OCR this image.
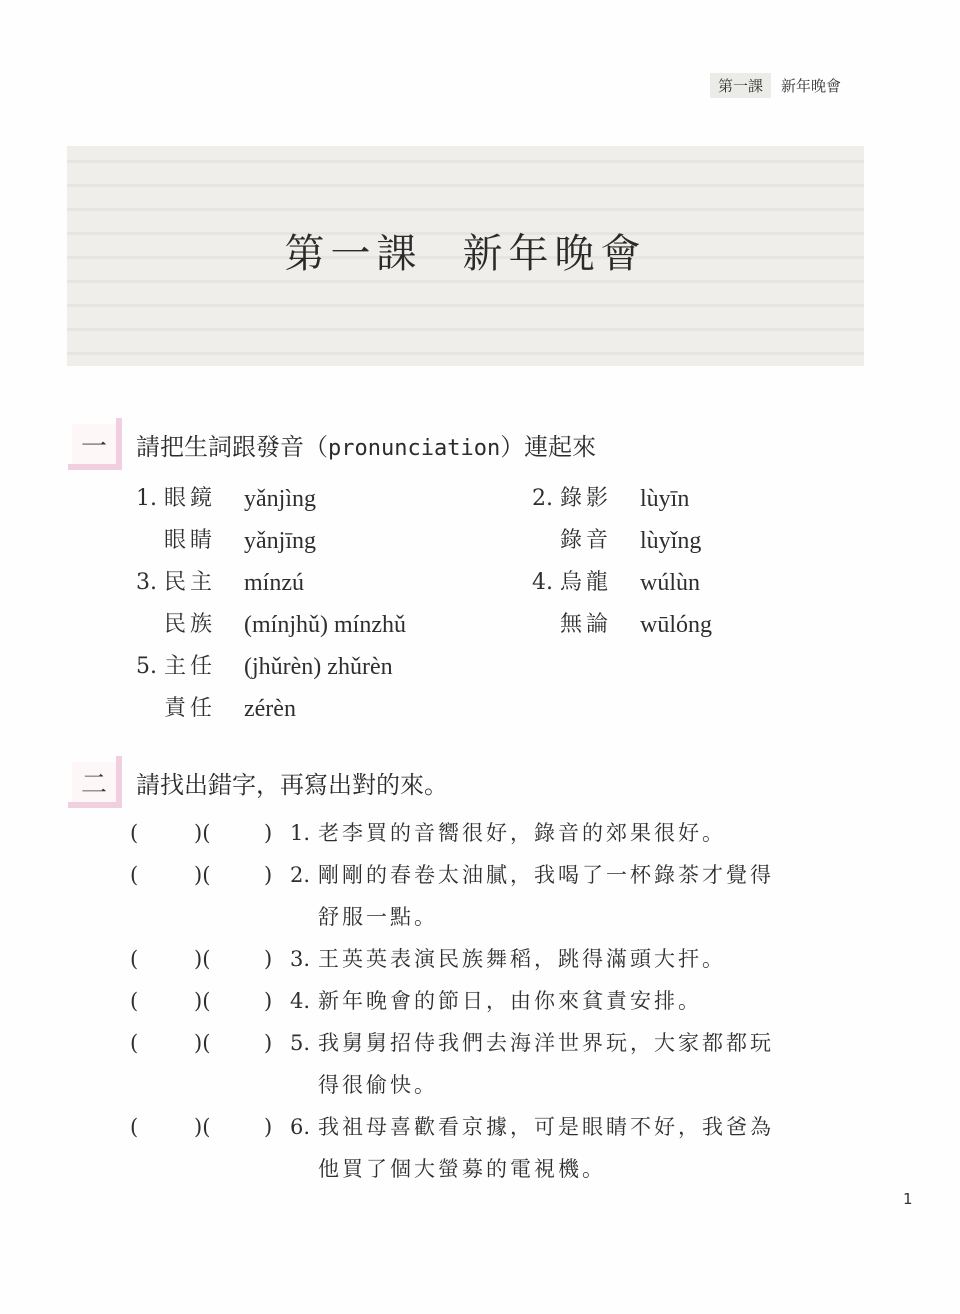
第一課	新年晚會
第一課 新年晚會
一	請把生詞跟發音（pronunciation）連起來
1. 眼鏡	yǎnjìng
眼睛	yǎnjīng
3. 民主	mínzú
民族	(mínjhǔ) mínzhǔ
5. 主任	(jhǔrèn) zhǔrèn
責任	zérèn
2. 錄影	lùyīn
錄音	lùyǐng
4. 烏龍	wúlùn
無論	wūlóng
二	請找出錯字，再寫出對的來。
(	)(	) 1. 老李買的音嚮很好，錄音的郊果很好。
(	)(	) 2. 剛剛的春卷太油膩，我喝了一杯錄茶才覺得
舒服一點。
(	)(	) 3. 王英英表演民族舞稻，跳得滿頭大扞。
(	)(	) 4. 新年晚會的節日，由你來貧責安排。
(	)(	) 5. 我舅舅招侍我們去海洋世界玩，大家都都玩
得很偷快。
(	)(	) 6. 我祖母喜歡看京據，可是眼睛不好，我爸為
他買了個大螢募的電視機。
1
